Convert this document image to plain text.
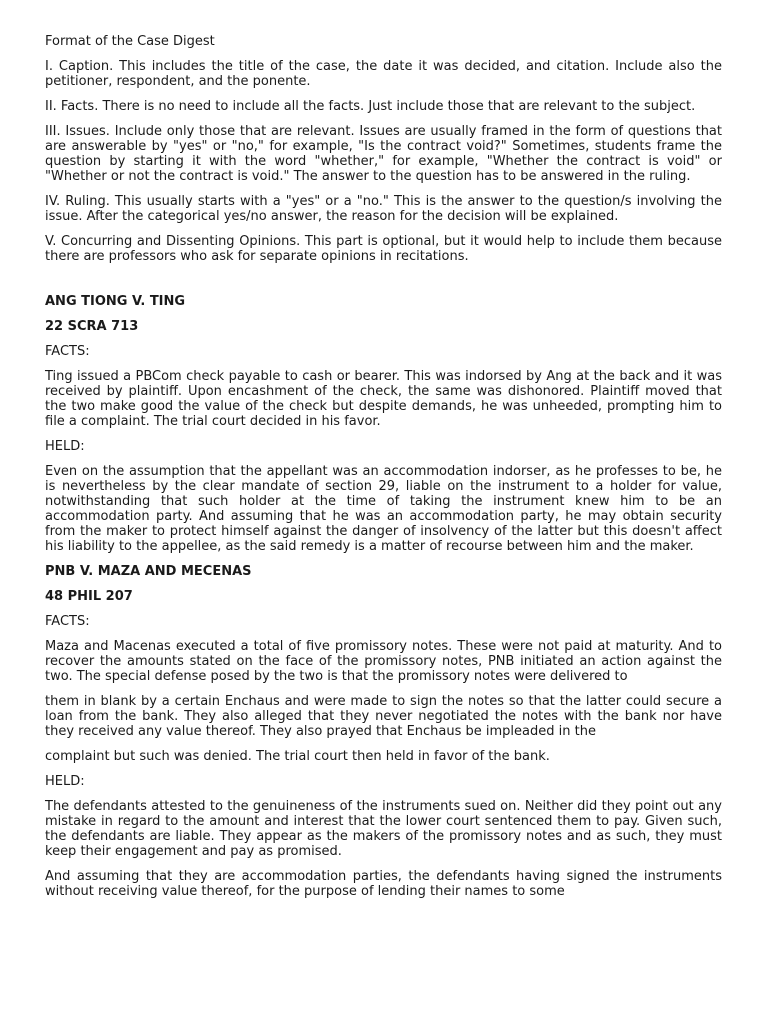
Format of the Case Digest

I. Caption. This includes the title of the case, the date it was decided, and citation. Include also the petitioner, respondent, and the ponente.

II. Facts. There is no need to include all the facts. Just include those that are relevant to the subject.

III. Issues. Include only those that are relevant. Issues are usually framed in the form of questions that are answerable by "yes" or "no," for example, "Is the contract void?" Sometimes, students frame the question by starting it with the word "whether," for example, "Whether the contract is void" or "Whether or not the contract is void." The answer to the question has to be answered in the ruling.

IV. Ruling. This usually starts with a "yes" or a "no." This is the answer to the question/s involving the issue. After the categorical yes/no answer, the reason for the decision will be explained.

V. Concurring and Dissenting Opinions. This part is optional, but it would help to include them because there are professors who ask for separate opinions in recitations.

ANG TIONG V. TING

22 SCRA 713

FACTS:

Ting issued a PBCom check payable to cash or bearer. This was indorsed by Ang at the back and it was received by plaintiff. Upon encashment of the check, the same was dishonored. Plaintiff moved that the two make good the value of the check but despite demands, he was unheeded, prompting him to file a complaint. The trial court decided in his favor.

HELD:

Even on the assumption that the appellant was an accommodation indorser, as he professes to be, he is nevertheless by the clear mandate of section 29, liable on the instrument to a holder for value, notwithstanding that such holder at the time of taking the instrument knew him to be an accommodation party. And assuming that he was an accommodation party, he may obtain security from the maker to protect himself against the danger of insolvency of the latter but this doesn't affect his liability to the appellee, as the said remedy is a matter of recourse between him and the maker.

PNB V. MAZA AND MECENAS

48 PHIL 207

FACTS:

Maza and Macenas executed a total of five promissory notes. These were not paid at maturity. And to recover the amounts stated on the face of the promissory notes, PNB initiated an action against the two. The special defense posed by the two is that the promissory notes were delivered to

them in blank by a certain Enchaus and were made to sign the notes so that the latter could secure a loan from the bank. They also alleged that they never negotiated the notes with the bank nor have they received any value thereof. They also prayed that Enchaus be impleaded in the

complaint but such was denied. The trial court then held in favor of the bank.

HELD:

The defendants attested to the genuineness of the instruments sued on. Neither did they point out any mistake in regard to the amount and interest that the lower court sentenced them to pay. Given such, the defendants are liable. They appear as the makers of the promissory notes and as such, they must keep their engagement and pay as promised.

And assuming that they are accommodation parties, the defendants having signed the instruments without receiving value thereof, for the purpose of lending their names to some
